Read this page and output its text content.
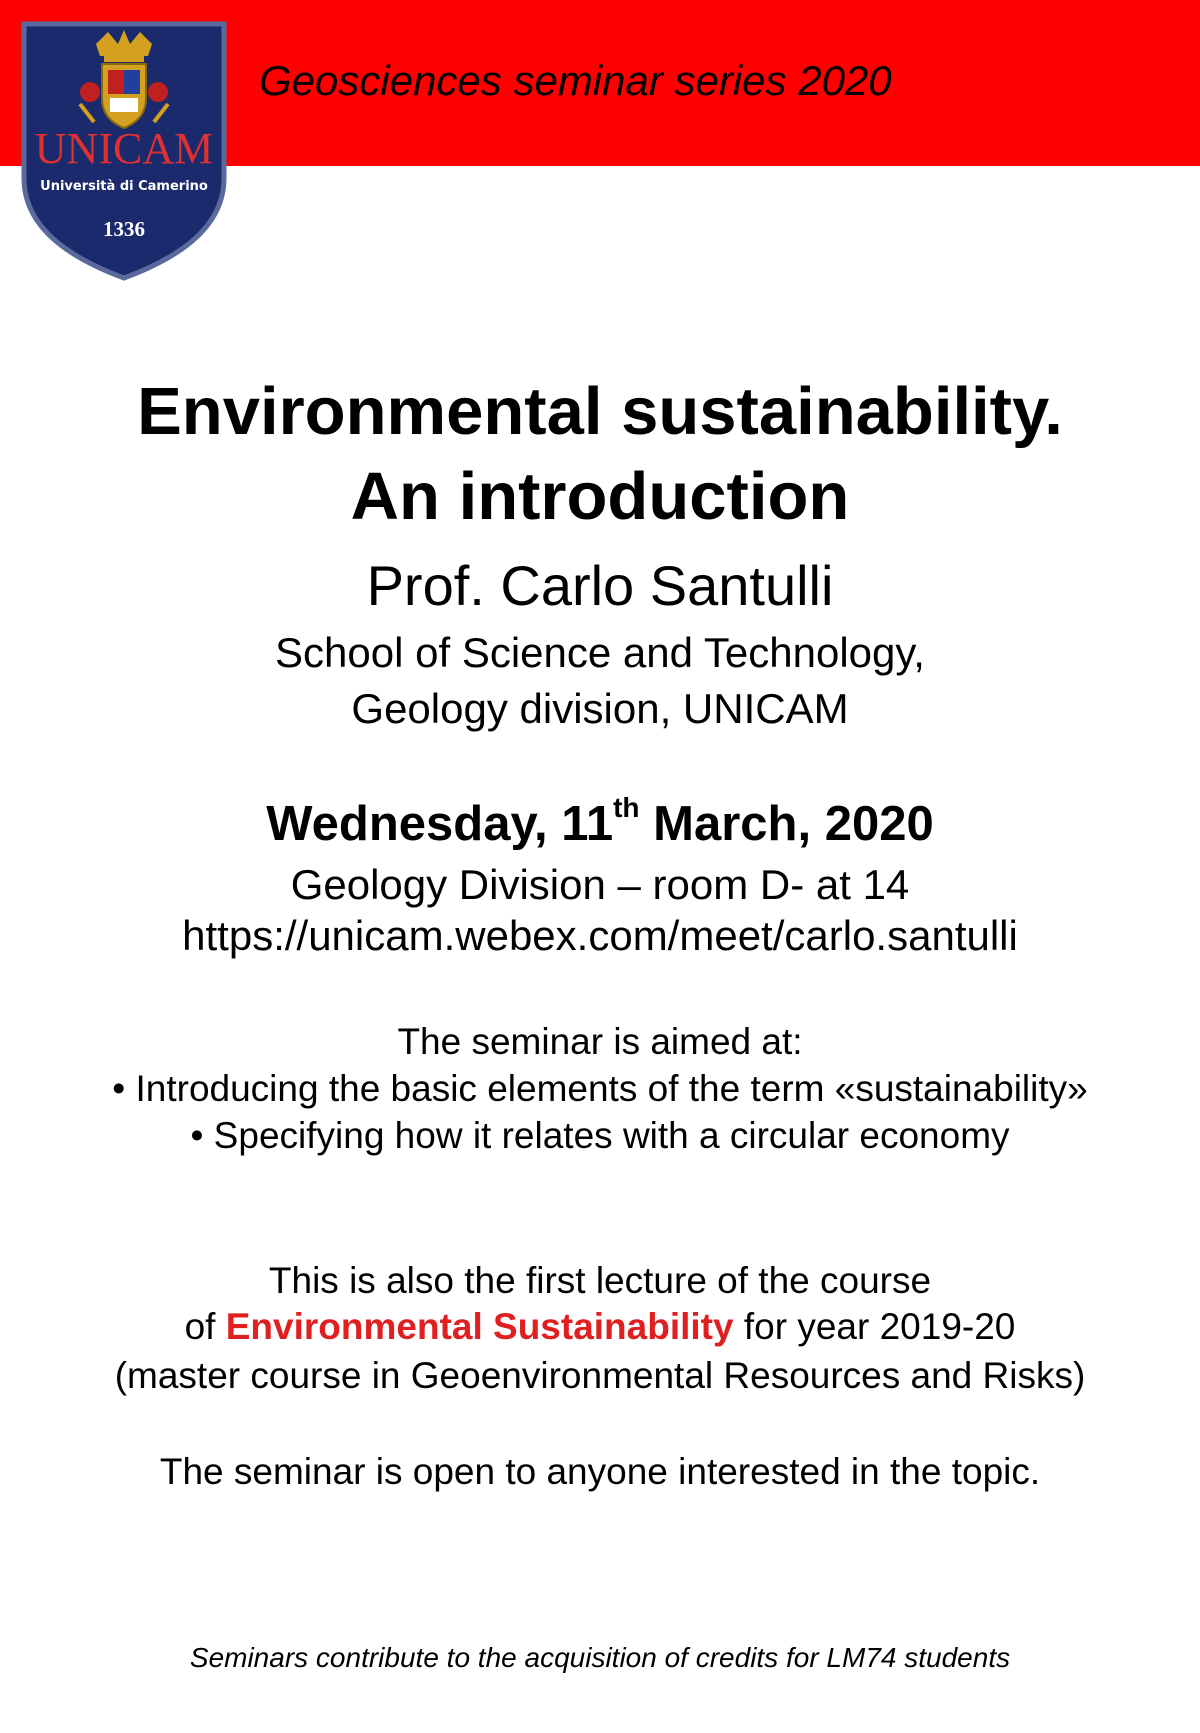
Geosciences seminar series 2020
UNICAM
Università di Camerino
1336
Environmental sustainability.
An introduction
Prof. Carlo Santulli
School of Science and Technology,
Geology division, UNICAM
Wednesday, 11th March, 2020
Geology Division – room D- at 14
https://unicam.webex.com/meet/carlo.santulli
The seminar is aimed at:
• Introducing the basic elements of the term «sustainability»
• Specifying how it relates with a circular economy
This is also the first lecture of the course
of Environmental Sustainability for year 2019-20
(master course in Geoenvironmental Resources and Risks)
The seminar is open to anyone interested in the topic.
Seminars contribute to the acquisition of credits for LM74 students
